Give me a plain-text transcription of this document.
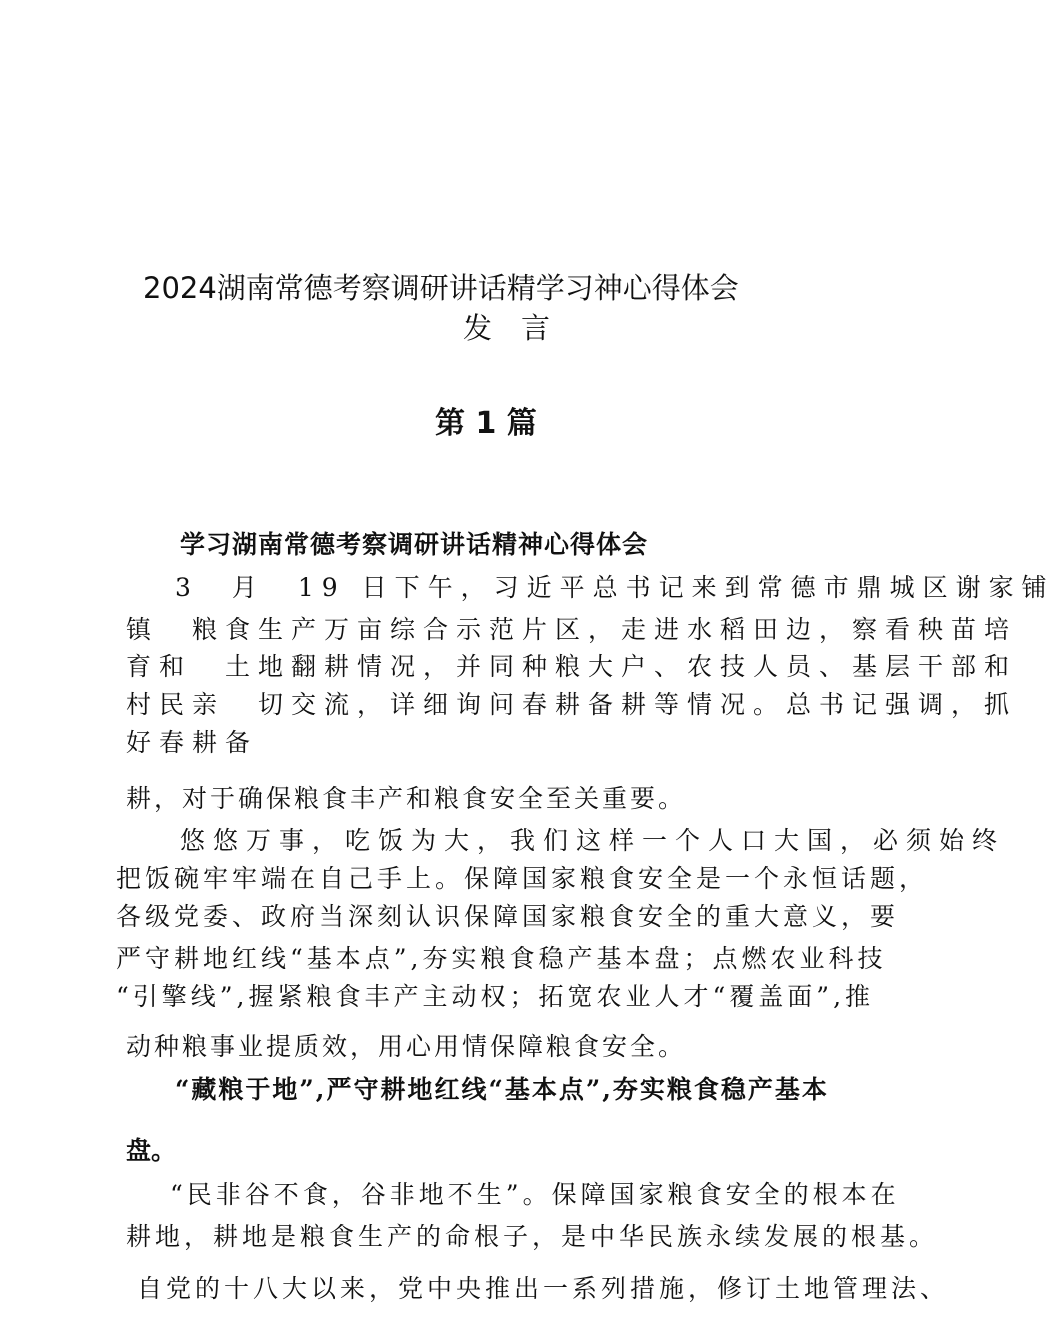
2024湖南常德考察调研讲话精学习神心得体会
发　言
第 1 篇
学习湖南常德考察调研讲话精神心得体会
3　月　19 日下午，习近平总书记来到常德市鼎城区谢家铺
镇　粮食生产万亩综合示范片区，走进水稻田边，察看秧苗培
育和　土地翻耕情况，并同种粮大户、农技人员、基层干部和
村民亲　切交流，详细询问春耕备耕等情况。总书记强调，抓
好春耕备
耕，对于确保粮食丰产和粮食安全至关重要。
悠悠万事，吃饭为大，我们这样一个人口大国，必须始终
把饭碗牢牢端在自己手上。保障国家粮食安全是一个永恒话题，
各级党委、政府当深刻认识保障国家粮食安全的重大意义，要
严守耕地红线“基本点”,夯实粮食稳产基本盘；点燃农业科技
“引擎线”,握紧粮食丰产主动权；拓宽农业人才“覆盖面”,推
动种粮事业提质效，用心用情保障粮食安全。
“藏粮于地”,严守耕地红线“基本点”,夯实粮食稳产基本
盘。
“民非谷不食，谷非地不生”。保障国家粮食安全的根本在
耕地，耕地是粮食生产的命根子，是中华民族永续发展的根基。
自党的十八大以来，党中央推出一系列措施，修订土地管理法、
